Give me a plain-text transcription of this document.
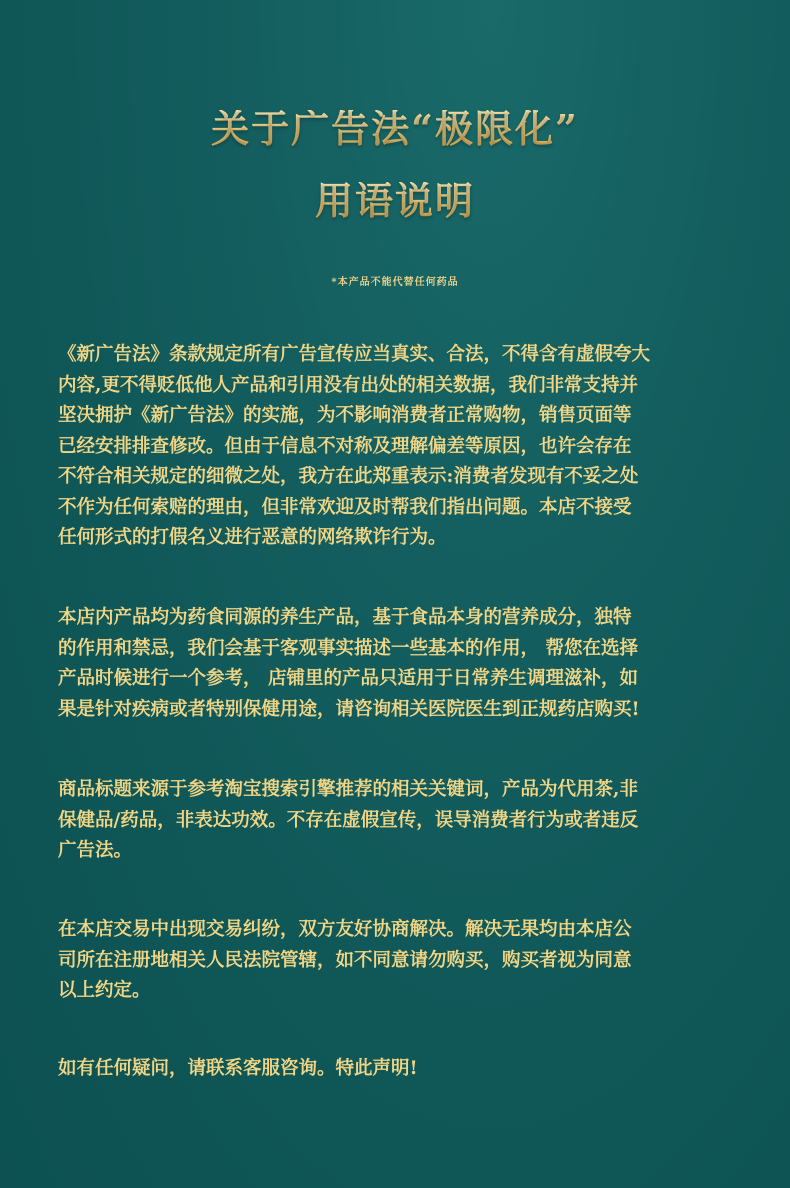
关于广告法“极限化”
用语说明
*本产品不能代替任何药品
《新广告法》条款规定所有广告宣传应当真实、合法，不得含有虚假夸大
内容,更不得贬低他人产品和引用没有出处的相关数据，我们非常支持并
坚决拥护《新广告法》的实施，为不影响消费者正常购物，销售页面等
已经安排排查修改。但由于信息不对称及理解偏差等原因，也许会存在
不符合相关规定的细微之处，我方在此郑重表示:消费者发现有不妥之处
不作为任何索赔的理由，但非常欢迎及时帮我们指出问题。本店不接受
任何形式的打假名义进行恶意的网络欺诈行为。
本店内产品均为药食同源的养生产品，基于食品本身的营养成分，独特
的作用和禁忌，我们会基于客观事实描述一些基本的作用， 帮您在选择
产品时候进行一个参考， 店铺里的产品只适用于日常养生调理滋补，如
果是针对疾病或者特别保健用途，请咨询相关医院医生到正规药店购买!
商品标题来源于参考淘宝搜索引擎推荐的相关关键词，产品为代用茶,非
保健品/药品，非表达功效。不存在虚假宣传，误导消费者行为或者违反
广告法。
在本店交易中出现交易纠纷，双方友好协商解决。解决无果均由本店公
司所在注册地相关人民法院管辖，如不同意请勿购买，购买者视为同意
以上约定。
如有任何疑问，请联系客服咨询。特此声明!
